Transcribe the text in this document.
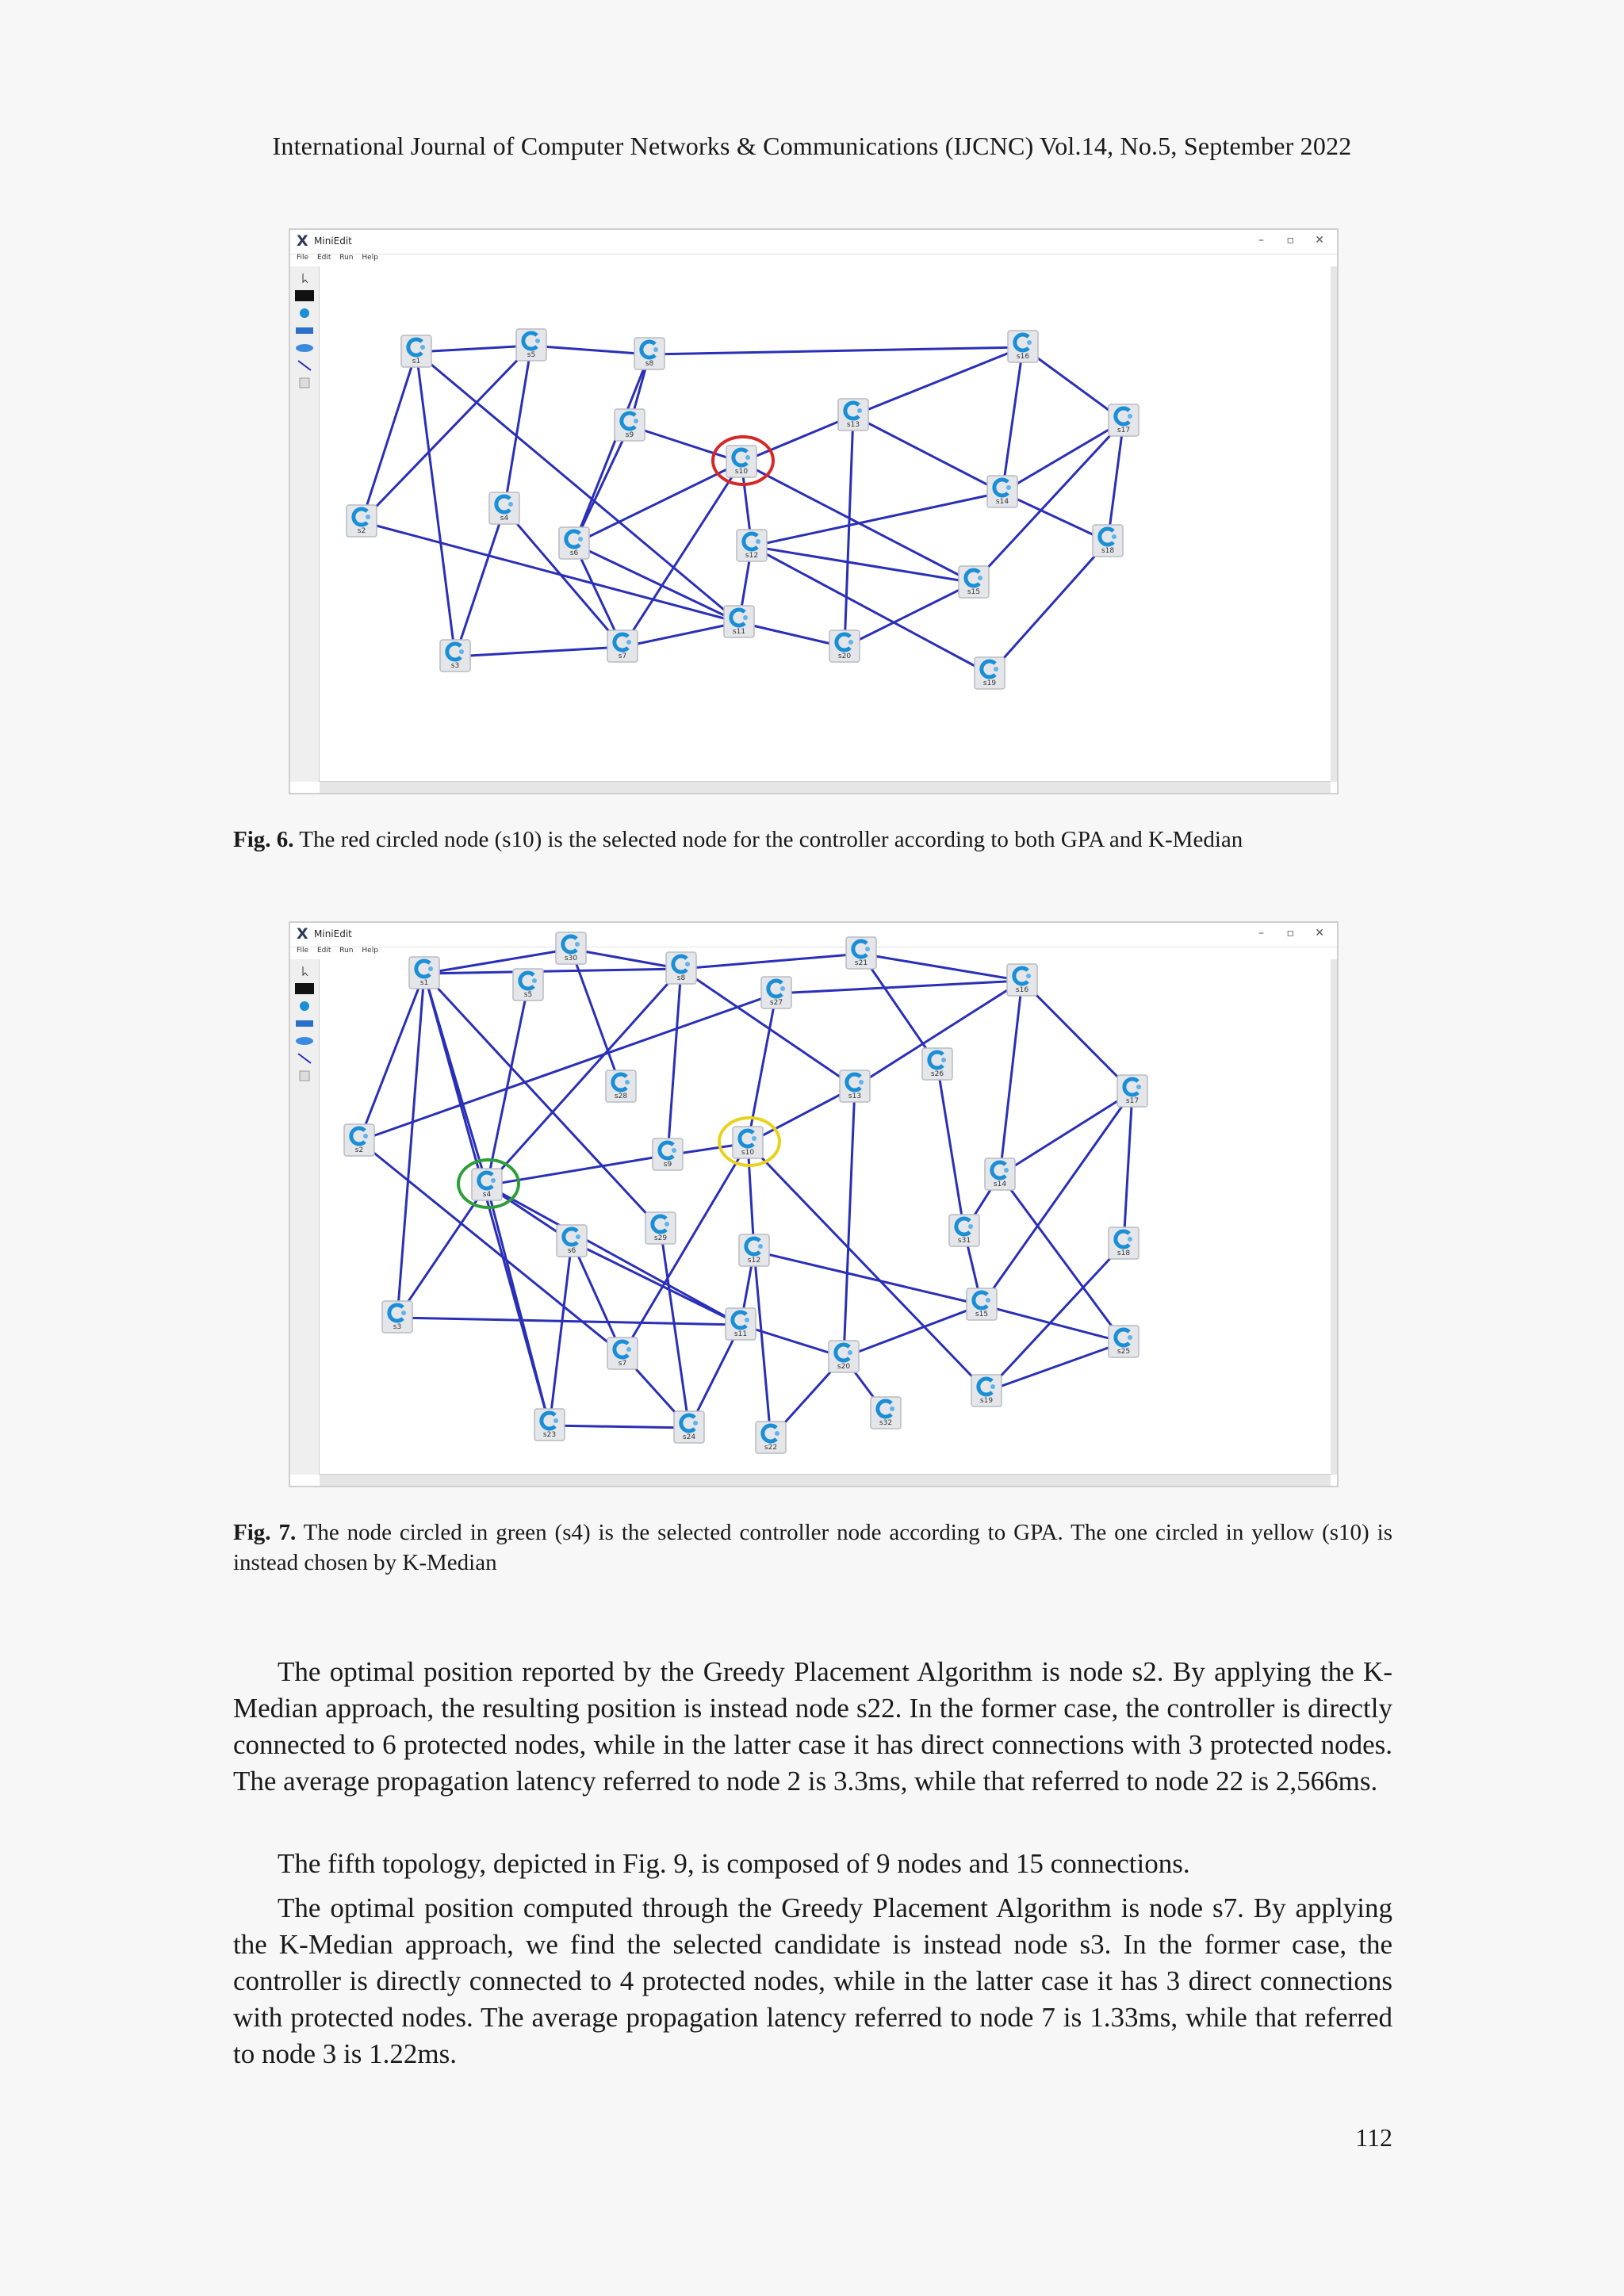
International Journal of Computer Networks & Communications (IJCNC) Vol.14, No.5, September 2022
X MiniEdit	– ▫ ✕
File Edit Run Help
s1
s5
s8
s16
s9
s13
s17
s10
s2
s4
s14
s6	s12
s18
s15
s11
s7	s20
s3
s19
Fig. 6. The red circled node (s10) is the selected node for the controller according to both GPA and K-Median
X MiniEdit	– ▫ ✕
File Edit Run Help
s30
s21
s1
s8
s5
s27
s16
s26
s28	s13
s17
s2	s10
s9
s4
s14
s29	s31
s6
s12
s18
s3
s15
s11
s25
s7	s20
s19
s32
s23	s24
s22
Fig. 7. The node circled in green (s4) is the selected controller node according to GPA. The one circled in yellow (s10) is instead chosen by K-Median
The optimal position reported by the Greedy Placement Algorithm is node s2. By applying the K-Median approach, the resulting position is instead node s22. In the former case, the controller is directly connected to 6 protected nodes, while in the latter case it has direct connections with 3 protected nodes. The average propagation latency referred to node 2 is 3.3ms, while that referred to node 22 is 2,566ms.
The fifth topology, depicted in Fig. 9, is composed of 9 nodes and 15 connections.
The optimal position computed through the Greedy Placement Algorithm is node s7. By applying the K-Median approach, we find the selected candidate is instead node s3. In the former case, the controller is directly connected to 4 protected nodes, while in the latter case it has 3 direct connections with protected nodes. The average propagation latency referred to node 7 is 1.33ms, while that referred to node 3 is 1.22ms.
112
